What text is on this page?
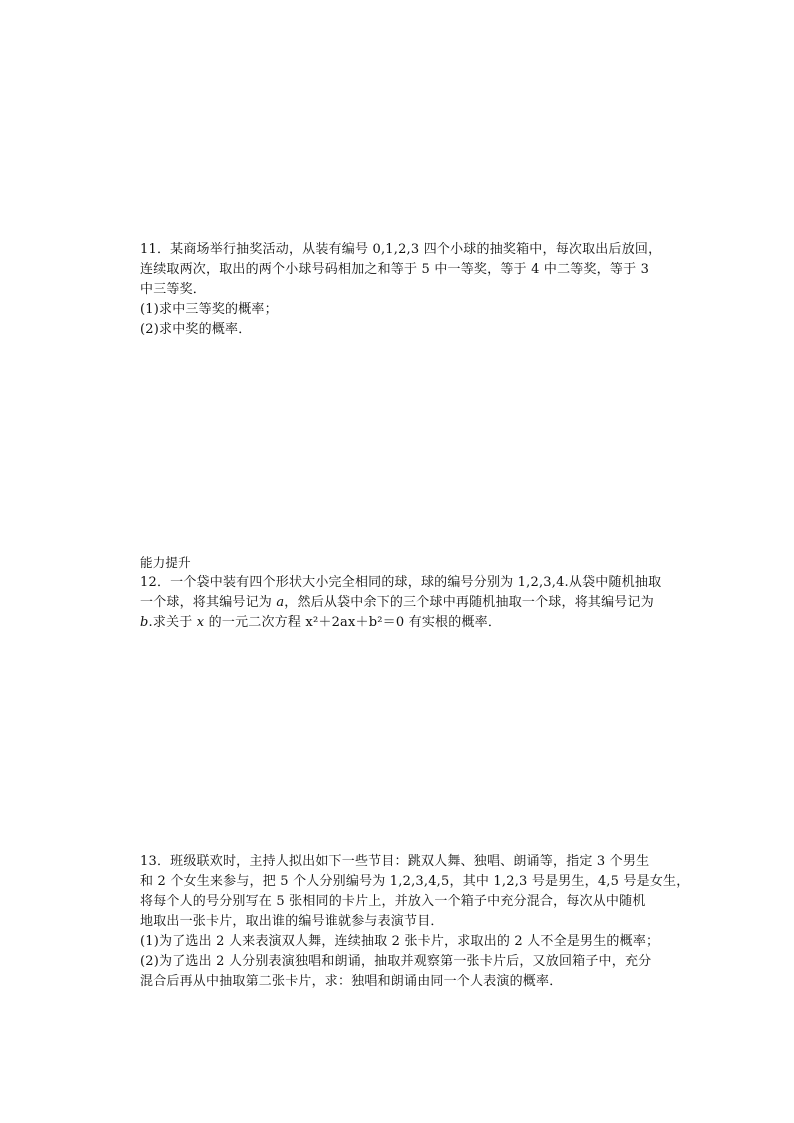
11．某商场举行抽奖活动，从装有编号 0,1,2,3 四个小球的抽奖箱中，每次取出后放回，
连续取两次，取出的两个小球号码相加之和等于 5 中一等奖，等于 4 中二等奖，等于 3
中三等奖．
(1)求中三等奖的概率；
(2)求中奖的概率．
能力提升
12．一个袋中装有四个形状大小完全相同的球，球的编号分别为 1,2,3,4.从袋中随机抽取
一个球，将其编号记为 a，然后从袋中余下的三个球中再随机抽取一个球，将其编号记为
b.求关于 x 的一元二次方程 x²＋2ax＋b²＝0 有实根的概率．
13．班级联欢时，主持人拟出如下一些节目：跳双人舞、独唱、朗诵等，指定 3 个男生
和 2 个女生来参与，把 5 个人分别编号为 1,2,3,4,5，其中 1,2,3 号是男生，4,5 号是女生，
将每个人的号分别写在 5 张相同的卡片上，并放入一个箱子中充分混合，每次从中随机
地取出一张卡片，取出谁的编号谁就参与表演节目．
(1)为了选出 2 人来表演双人舞，连续抽取 2 张卡片，求取出的 2 人不全是男生的概率；
(2)为了选出 2 人分别表演独唱和朗诵，抽取并观察第一张卡片后，又放回箱子中，充分
混合后再从中抽取第二张卡片，求：独唱和朗诵由同一个人表演的概率．
